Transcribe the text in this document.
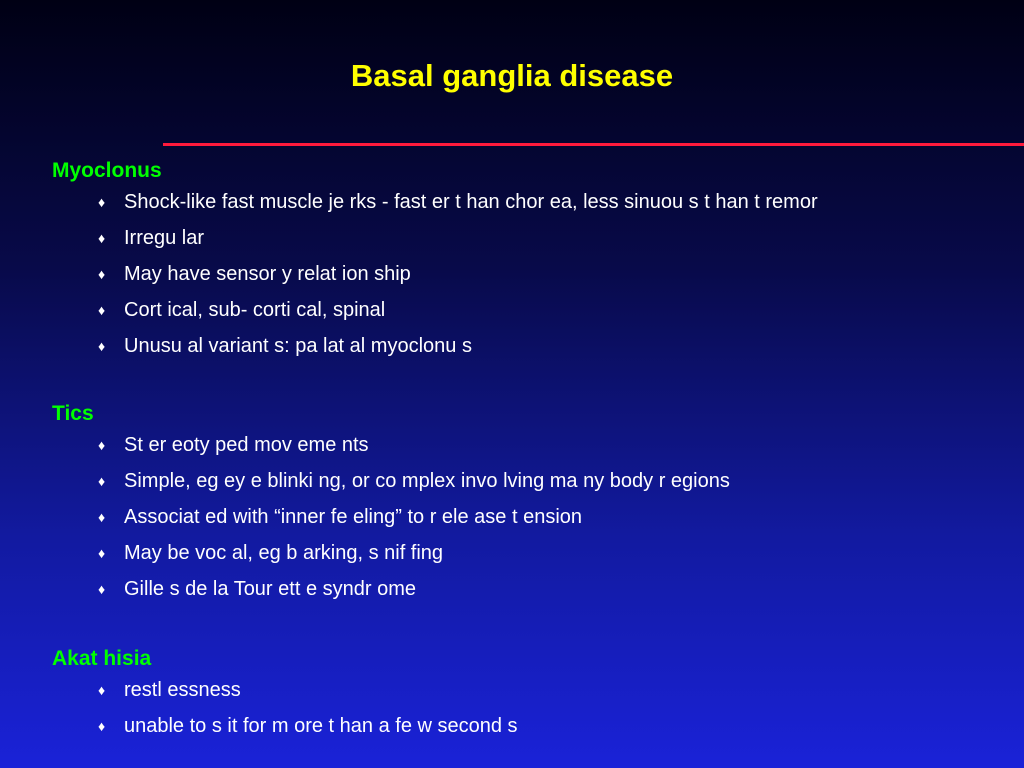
Basal ganglia disease
Myoclonus
♦ Shock-like fast muscle je rks - fast er t han chor ea, less sinuou s t han t remor
♦ Irregu lar
♦ May have sensor y relat ion ship
♦ Cort ical, sub- corti cal, spinal
♦ Unusu al variant s: pa lat al myoclonu s
Tics
♦ St er eoty ped mov eme nts
♦ Simple, eg ey e blinki ng, or co mplex invo lving ma ny body r egions
♦ Associat ed with “inner fe eling” to r ele ase t ension
♦ May be voc al, eg b arking, s nif fing
♦ Gille s de la Tour ett e syndr ome
Akat hisia
♦ restl essness
♦ unable to s it for m ore t han a fe w second s
